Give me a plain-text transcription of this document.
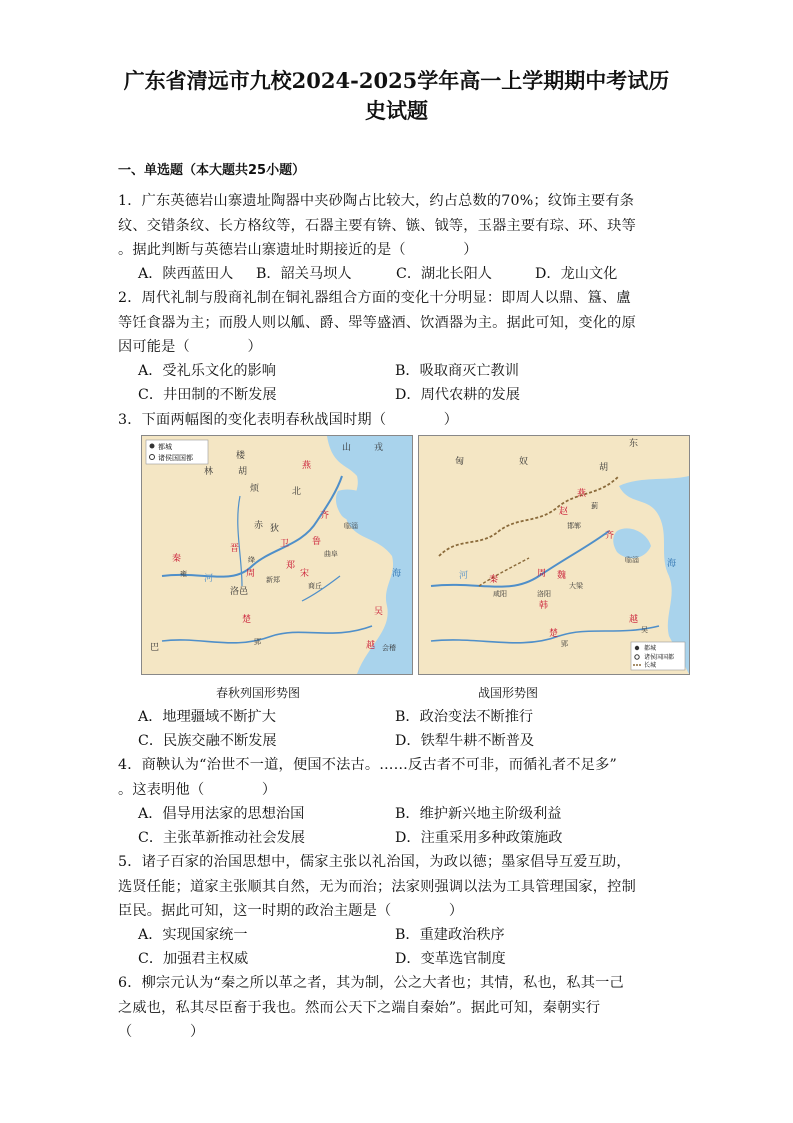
广东省清远市九校2024-2025学年高一上学期期中考试历
史试题
一、单选题（本大题共25小题）
1．广东英德岩山寨遗址陶器中夹砂陶占比较大，约占总数的70%；纹饰主要有条
纹、交错条纹、长方格纹等，石器主要有锛、镞、钺等，玉器主要有琮、环、玦等
。据此判断与英德岩山寨遗址时期接近的是（　　　　）
A．陕西蓝田人 B．韶关马坝人	C．湖北长阳人	D．龙山文化
2．周代礼制与殷商礼制在铜礼器组合方面的变化十分明显：即周人以鼎、簋、盧
等饪食器为主；而殷人则以觚、爵、斝等盛酒、饮酒器为主。据此可知，变化的原
因可能是（　　　　）
A．受礼乐文化的影响	B．吸取商灭亡教训
C．井田制的不断发展	D．周代农耕的发展
3．下面两幅图的变化表明春秋战国时期（　　　　）
都城
诸侯国国都
山	戎
楼
林	胡
烦	北
燕
齐
赤 狄
晋	卫	鲁
临淄
曲阜
绛
秦
雍	周
洛邑
郑
宋
新郑
商丘
楚
郢
巴
吴
越 会稽
河	海
都城
诸侯国国都
长城
东
匈	奴
胡
燕
蓟
赵
邯郸
齐
临淄
秦
咸阳
周
洛阳
韩
魏
大梁
楚
郢
越
吴
海
河
春秋列国形势图	战国形势图
A．地理疆域不断扩大	B．政治变法不断推行
C．民族交融不断发展	D．铁犁牛耕不断普及
4．商鞅认为“治世不一道，便国不法古。……反古者不可非，而循礼者不足多”
。这表明他（　　　　）
A．倡导用法家的思想治国	B．维护新兴地主阶级利益
C．主张革新推动社会发展	D．注重采用多种政策施政
5．诸子百家的治国思想中，儒家主张以礼治国，为政以德；墨家倡导互爱互助，
选贤任能；道家主张顺其自然，无为而治；法家则强调以法为工具管理国家，控制
臣民。据此可知，这一时期的政治主题是（　　　　）
A．实现国家统一	B．重建政治秩序
C．加强君主权威	D．变革选官制度
6．柳宗元认为“秦之所以革之者，其为制，公之大者也；其情，私也，私其一己
之威也，私其尽臣畜于我也。然而公天下之端自秦始”。据此可知，秦朝实行
（　　　　）
